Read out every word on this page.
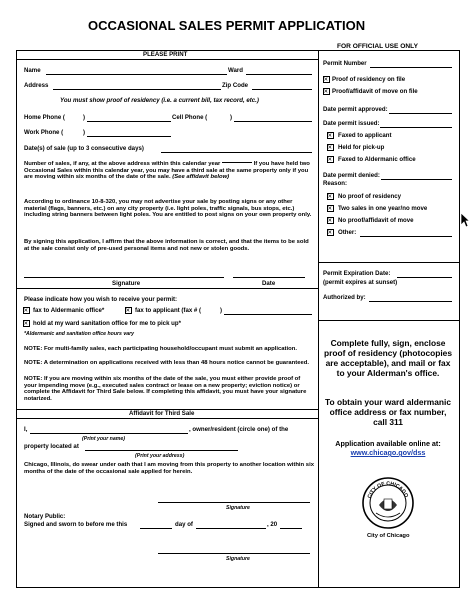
OCCASIONAL SALES PERMIT APPLICATION
FOR OFFICIAL USE ONLY
PLEASE PRINT
Name	Ward
Address	Zip Code
You must show proof of residency (i.e. a current bill, tax record, etc.)
Home Phone (	)	Cell Phone (	)
Work Phone (	)
Date(s) of sale (up to 3 consecutive days)
Number of sales, if any, at the above address within this calendar year	If you have held two Occasional Sales within this calendar year, you may have a third sale at the same property only if you are moving within six months of the date of the sale. (See affidavit below)
According to ordinance 10-8-320, you may not advertise your sale by posting signs or any other material (flags, banners, etc.) on any city property (i.e. light poles, traffic signals, bus stops, etc.) including string banners between light poles. You are entitled to post signs on your own property only.
By signing this application, I affirm that the above information is correct, and that the items to be sold at the sale consist only of pre-used personal items and not new or stolen goods.
Signature	Date
Please indicate how you wish to receive your permit:
✕
fax to Aldermanic office*
✕	fax to applicant (fax # (	)
✕
hold at my ward sanitation office for me to pick up*
*Aldermanic and sanitation office hours vary
NOTE: For multi-family sales, each participating household/occupant must submit an application.
NOTE: A determination on applications received with less than 48 hours notice cannot be guaranteed.
NOTE: If you are moving within six months of the date of the sale, you must either provide proof of your impending move (e.g., executed sales contract or lease on a new property; eviction notice) or complete the Affidavit for Third Sale below. If completing this affidavit, you must have your signature notarized.
Affidavit for Third Sale
I,	, owner/resident (circle one) of the
(Print your name)
property located at
(Print your address)
Chicago, Illinois, do swear under oath that I am moving from this property to another location within six months of the date of the occasional sale applied for herein.
Signature
Notary Public:
Signed and sworn to before me this	day of	, 20
Signature
Permit Number
✕
Proof of residency on file
✕
Proof/affidavit of move on file
Date permit approved:
Date permit issued:
✕
Faxed to applicant
✕
Held for pick-up
✕
Faxed to Aldermanic office
Date permit denied:
Reason:
✕
No proof of residency
✕
Two sales in one year/no move
✕
No proof/affidavit of move
✕
Other:
Permit Expiration Date:
(permit expires at sunset)
Authorized by:
Complete fully, sign, enclose proof of residency (photocopies are acceptable), and mail or fax to your Alderman's office.
To obtain your ward aldermanic office address or fax number, call 311
Application available online at:
www.chicago.gov/dss
CITY OF CHICAGO
City of Chicago
